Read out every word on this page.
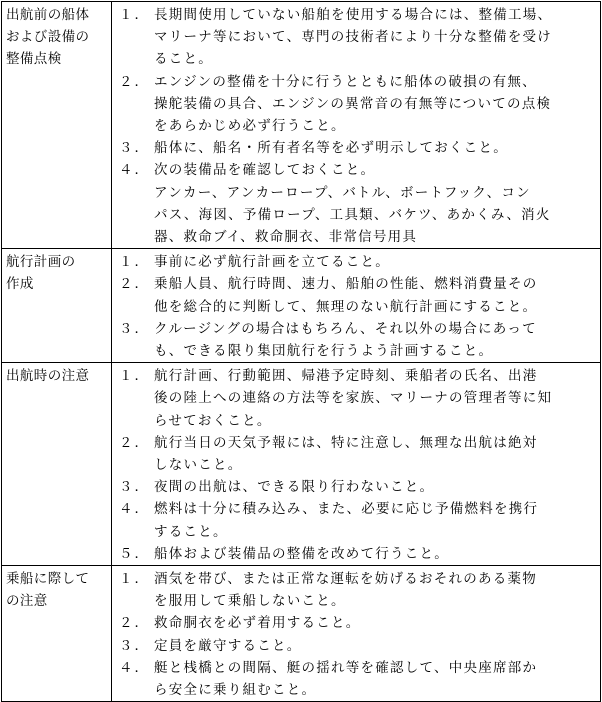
出航前の船体
および設備の
整備点検

１． 長期間使用していない船舶を使用する場合には、整備工場、
マリーナ等において、専門の技術者により十分な整備を受け
ること。
２． エンジンの整備を十分に行うとともに船体の破損の有無、
操舵装備の具合、エンジンの異常音の有無等についての点検
をあらかじめ必ず行うこと。
３． 船体に、船名・所有者名等を必ず明示しておくこと。
４． 次の装備品を確認しておくこと。
アンカー、アンカーロープ、バトル、ボートフック、コン
パス、海図、予備ロープ、工具類、バケツ、あかくみ、消火
器、救命ブイ、救命胴衣、非常信号用具

航行計画の
作成

１． 事前に必ず航行計画を立てること。
２． 乗船人員、航行時間、速力、船舶の性能、燃料消費量その
他を総合的に判断して、無理のない航行計画にすること。
３． クルージングの場合はもちろん、それ以外の場合にあって
も、できる限り集団航行を行うよう計画すること。

出航時の注意	１． 航行計画、行動範囲、帰港予定時刻、乗船者の氏名、出港
後の陸上への連絡の方法等を家族、マリーナの管理者等に知
らせておくこと。
２． 航行当日の天気予報には、特に注意し、無理な出航は絶対
しないこと。
３． 夜間の出航は、できる限り行わないこと。
４． 燃料は十分に積み込み、また、必要に応じ予備燃料を携行
すること。
５． 船体および装備品の整備を改めて行うこと。

乗船に際して
の注意

１． 酒気を帯び、または正常な運転を妨げるおそれのある薬物
を服用して乗船しないこと。
２． 救命胴衣を必ず着用すること。
３． 定員を厳守すること。
４． 艇と桟橋との間隔、艇の揺れ等を確認して、中央座席部か
ら安全に乗り組むこと。
